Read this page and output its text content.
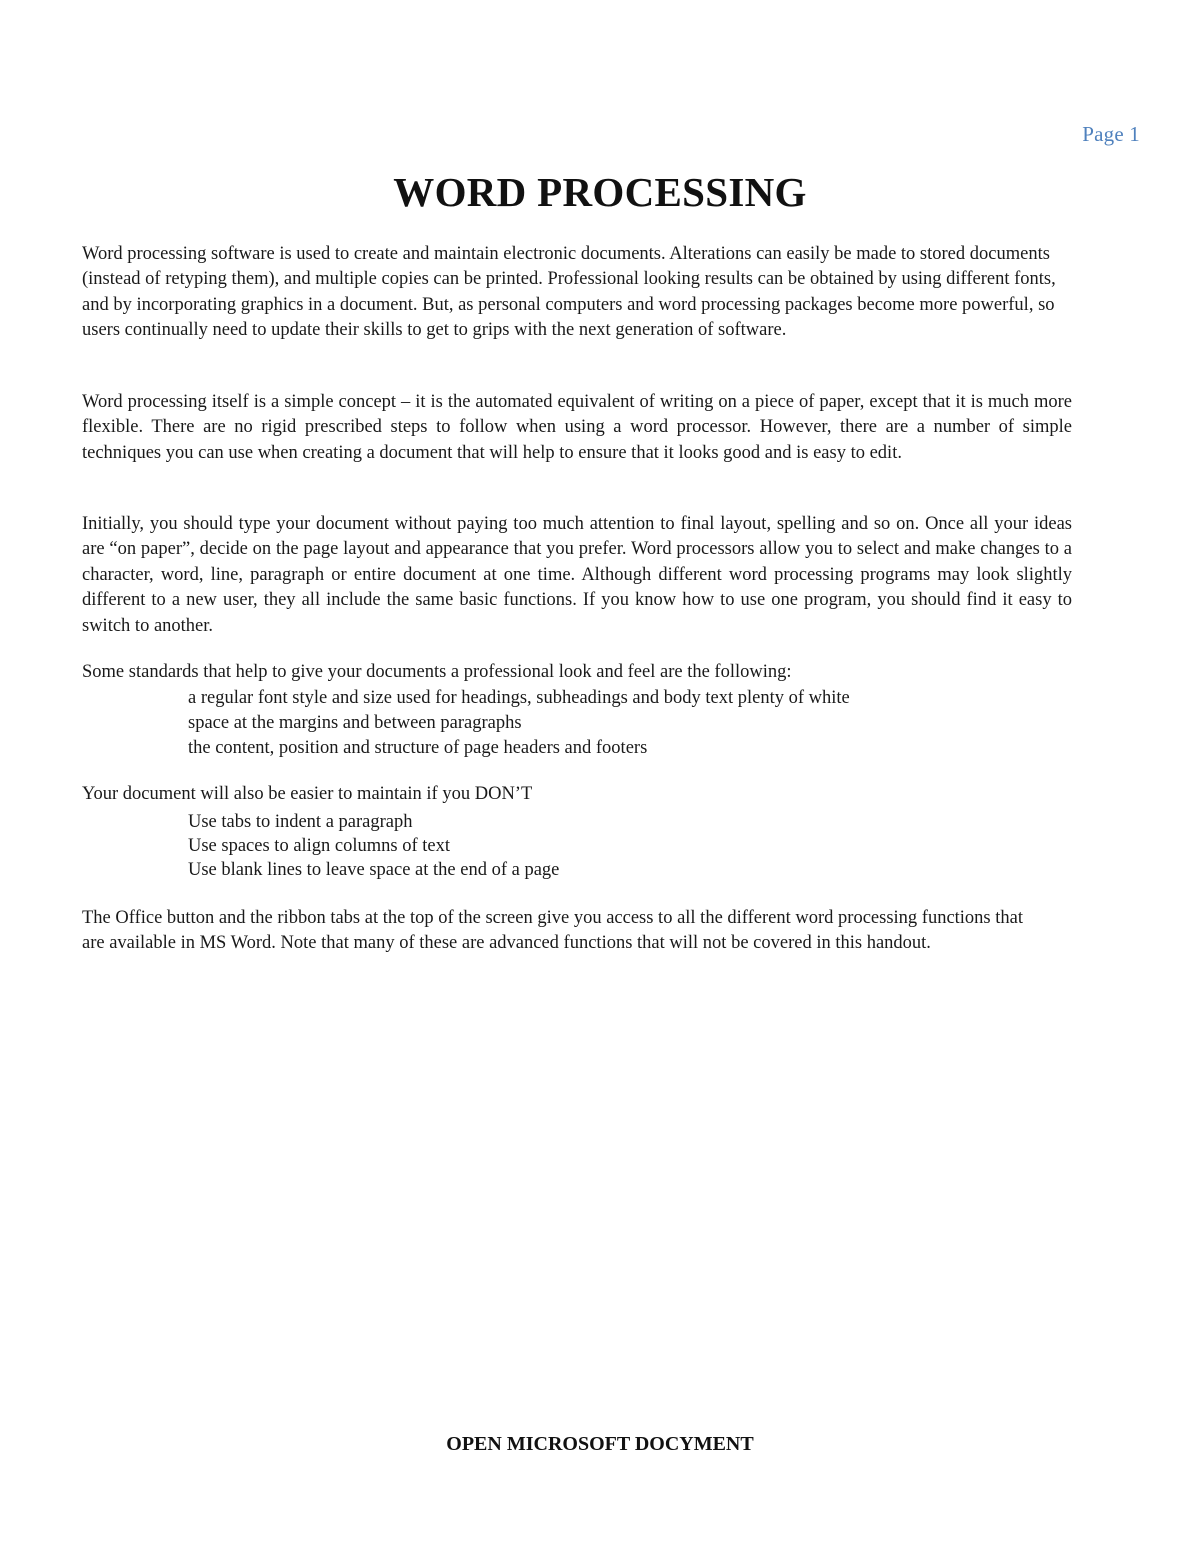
Page 1
WORD PROCESSING

Word processing software is used to create and maintain electronic documents. Alterations can easily be made to stored documents (instead of retyping them), and multiple copies can be printed. Professional looking results can be obtained by using different fonts, and by incorporating graphics in a document. But, as personal computers and word processing packages become more powerful, so users continually need to update their skills to get to grips with the next generation of software.

Word processing itself is a simple concept – it is the automated equivalent of writing on a piece of paper, except that it is much more flexible. There are no rigid prescribed steps to follow when using a word processor. However, there are a number of simple techniques you can use when creating a document that will help to ensure that it looks good and is easy to edit.

Initially, you should type your document without paying too much attention to final layout, spelling and so on. Once all your ideas are “on paper”, decide on the page layout and appearance that you prefer. Word processors allow you to select and make changes to a character, word, line, paragraph or entire document at one time. Although different word processing programs may look slightly different to a new user, they all include the same basic functions. If you know how to use one program, you should find it easy to switch to another.

Some standards that help to give your documents a professional look and feel are the following:

a regular font style and size used for headings, subheadings and body text plenty of white
space at the margins and between paragraphs
the content, position and structure of page headers and footers

Your document will also be easier to maintain if you DON’T

Use tabs to indent a paragraph
Use spaces to align columns of text
Use blank lines to leave space at the end of a page

The Office button and the ribbon tabs at the top of the screen give you access to all the different word processing functions that are available in MS Word. Note that many of these are advanced functions that will not be covered in this handout.

OPEN MICROSOFT DOCYMENT
